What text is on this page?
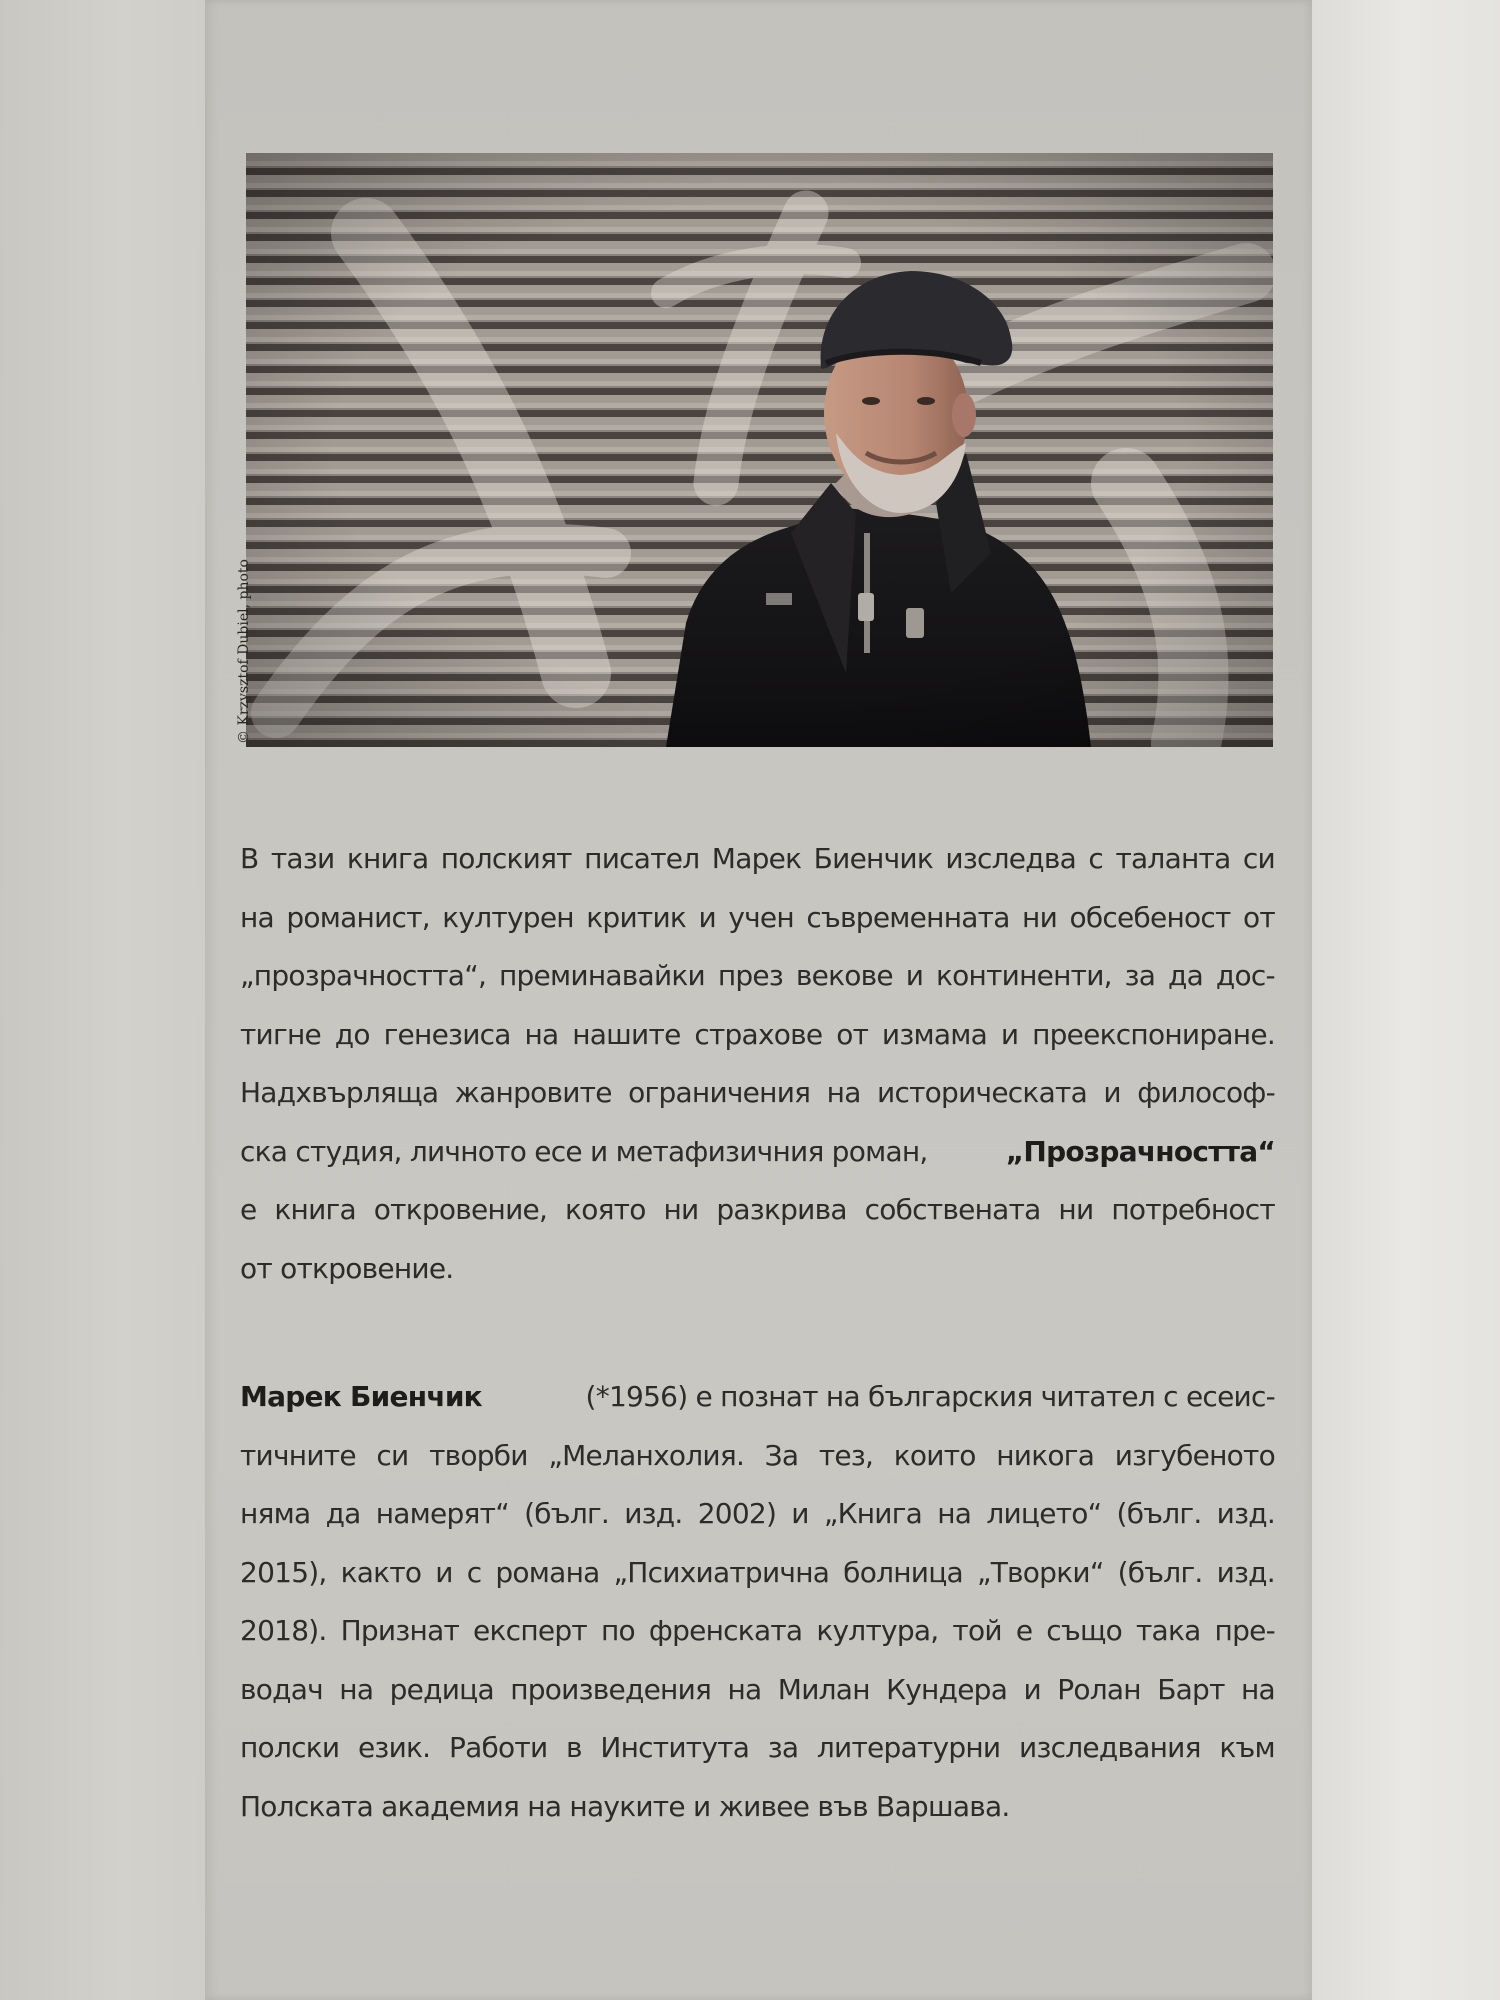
© Krzysztof Dubiel, photo
В тази книга полският писател Марек Биенчик изследва с таланта си
на романист, културен критик и учен съвременната ни обсебеност от
„прозрачността“, преминавайки през векове и континенти, за да дос-
тигне до генезиса на нашите страхове от измама и преекспониране.
Надхвърляща жанровите ограничения на историческата и философ-
ска студия, личното есе и метафизичния роман,	„Прозрачността“
е книга откровение, която ни разкрива собствената ни потребност
от откровение.
Марек Биенчик	(*1956) е познат на българския читател с есеис-
тичните си творби „Меланхолия. За тез, които никога изгубеното
няма да намерят“ (бълг. изд. 2002) и „Книга на лицето“ (бълг. изд.
2015), както и с романа „Психиатрична болница „Творки“ (бълг. изд.
2018). Признат експерт по френската култура, той е също така пре-
водач на редица произведения на Милан Кундера и Ролан Барт на
полски език. Работи в Института за литературни изследвания към
Полската академия на науките и живее във Варшава.
